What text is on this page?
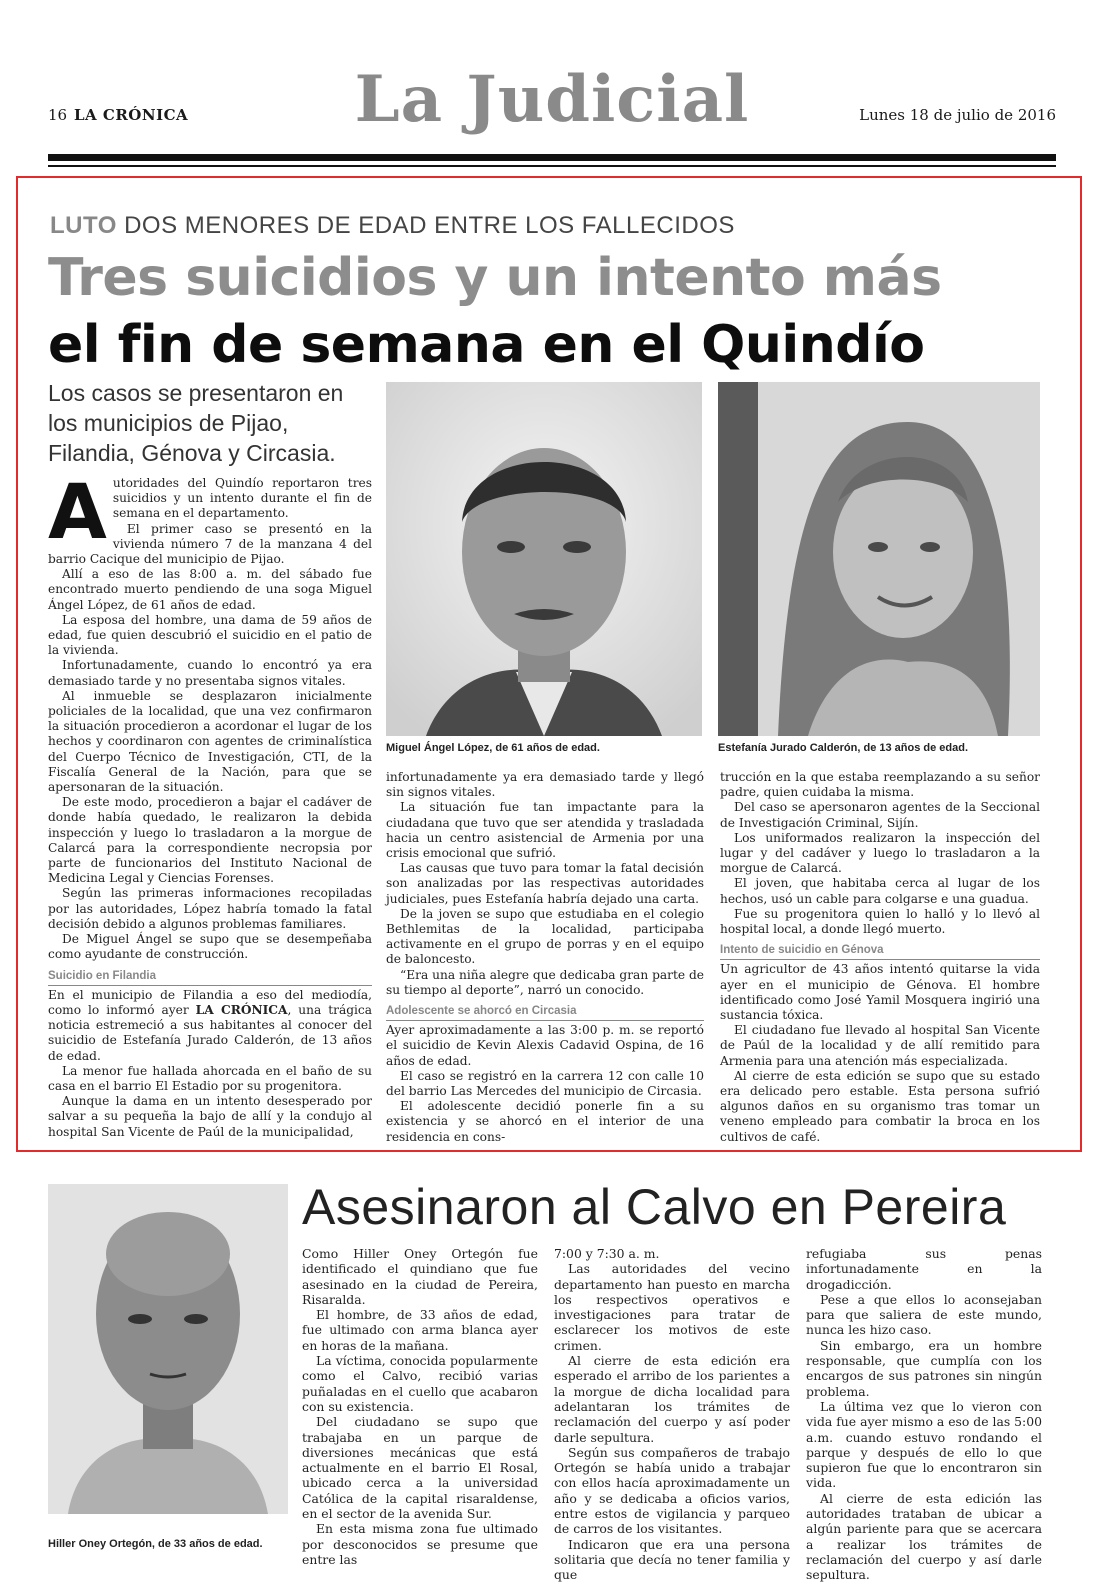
16 LA CRÓNICA	La Judicial	Lunes 18 de julio de 2016
LUTO DOS MENORES DE EDAD ENTRE LOS FALLECIDOS
Tres suicidios y un intento más
el fin de semana en el Quindío
Los casos se presentaron en los municipios de Pijao, Filandia, Génova y Circasia.
Miguel Ángel López, de 61 años de edad.	Estefanía Jurado Calderón, de 13 años de edad.
A utoridades del Quindío reportaron tres suicidios y un intento durante el fin de semana en el departamento.

El primer caso se presentó en la vivienda número 7 de la manzana 4 del barrio Cacique del municipio de Pijao.

Allí a eso de las 8:00 a. m. del sábado fue encontrado muerto pendiendo de una soga Miguel Ángel López, de 61 años de edad.

La esposa del hombre, una dama de 59 años de edad, fue quien descubrió el suicidio en el patio de la vivienda.

Infortunadamente, cuando lo encontró ya era demasiado tarde y no presentaba signos vitales.

Al inmueble se desplazaron inicialmente policiales de la localidad, que una vez confirmaron la situación procedieron a acordonar el lugar de los hechos y coordinaron con agentes de criminalística del Cuerpo Técnico de Investigación, CTI, de la Fiscalía General de la Nación, para que se apersonaran de la situación.

De este modo, procedieron a bajar el cadáver de donde había quedado, le realizaron la debida inspección y luego lo trasladaron a la morgue de Calarcá para la correspondiente necropsia por parte de funcionarios del Instituto Nacional de Medicina Legal y Ciencias Forenses.

Según las primeras informaciones recopiladas por las autoridades, López habría tomado la fatal decisión debido a algunos problemas familiares.

De Miguel Ángel se supo que se desempeñaba como ayudante de construcción.

Suicidio en Filandia

En el municipio de Filandia a eso del mediodía, como lo informó ayer LA CRÓNICA, una trágica noticia estremeció a sus habitantes al conocer del suicidio de Estefanía Jurado Calderón, de 13 años de edad.

La menor fue hallada ahorcada en el baño de su casa en el barrio El Estadio por su progenitora.

Aunque la dama en un intento desesperado por salvar a su pequeña la bajo de allí y la condujo al hospital San Vicente de Paúl de la municipalidad,

infortunadamente ya era demasiado tarde y llegó sin signos vitales.

La situación fue tan impactante para la ciudadana que tuvo que ser atendida y trasladada hacia un centro asistencial de Armenia por una crisis emocional que sufrió.

Las causas que tuvo para tomar la fatal decisión son analizadas por las respectivas autoridades judiciales, pues Estefanía habría dejado una carta.

De la joven se supo que estudiaba en el colegio Bethlemitas de la localidad, participaba activamente en el grupo de porras y en el equipo de baloncesto.

“Era una niña alegre que dedicaba gran parte de su tiempo al deporte”, narró un conocido.

Adolescente se ahorcó en Circasia

Ayer aproximadamente a las 3:00 p. m. se reportó el suicidio de Kevin Alexis Cadavid Ospina, de 16 años de edad.

El caso se registró en la carrera 12 con calle 10 del barrio Las Mercedes del municipio de Circasia.

El adolescente decidió ponerle fin a su existencia y se ahorcó en el interior de una residencia en cons-

trucción en la que estaba reemplazando a su señor padre, quien cuidaba la misma.

Del caso se apersonaron agentes de la Seccional de Investigación Criminal, Sijín.

Los uniformados realizaron la inspección del lugar y del cadáver y luego lo trasladaron a la morgue de Calarcá.

El joven, que habitaba cerca al lugar de los hechos, usó un cable para colgarse e una guadua.

Fue su progenitora quien lo halló y lo llevó al hospital local, a donde llegó muerto.

Intento de suicidio en Génova

Un agricultor de 43 años intentó quitarse la vida ayer en el municipio de Génova. El hombre identificado como José Yamil Mosquera ingirió una sustancia tóxica.

El ciudadano fue llevado al hospital San Vicente de Paúl de la localidad y de allí remitido para Armenia para una atención más especializada.

Al cierre de esta edición se supo que su estado era delicado pero estable. Esta persona sufrió algunos daños en su organismo tras tomar un veneno empleado para combatir la broca en los cultivos de café.

Hiller Oney Ortegón, de 33 años de edad.
Asesinaron al Calvo en Pereira

Como Hiller Oney Ortegón fue identificado el quindiano que fue asesinado en la ciudad de Pereira, Risaralda.

El hombre, de 33 años de edad, fue ultimado con arma blanca ayer en horas de la mañana.

La víctima, conocida popularmente como el Calvo, recibió varias puñaladas en el cuello que acabaron con su existencia.

Del ciudadano se supo que trabajaba en un parque de diversiones mecánicas que está actualmente en el barrio El Rosal, ubicado cerca a la universidad Católica de la capital risaraldense, en el sector de la avenida Sur.

En esta misma zona fue ultimado por desconocidos se presume que entre las

7:00 y 7:30 a. m.

Las autoridades del vecino departamento han puesto en marcha los respectivos operativos e investigaciones para tratar de esclarecer los motivos de este crimen.

Al cierre de esta edición era esperado el arribo de los parientes a la morgue de dicha localidad para adelantaran los trámites de reclamación del cuerpo y así poder darle sepultura.

Según sus compañeros de trabajo Ortegón se había unido a trabajar con ellos hacía aproximadamente un año y se dedicaba a oficios varios, entre estos de vigilancia y parqueo de carros de los visitantes.

Indicaron que era una persona solitaria que decía no tener familia y que

refugiaba sus penas infortunadamente en la drogadicción.

Pese a que ellos lo aconsejaban para que saliera de este mundo, nunca les hizo caso.

Sin embargo, era un hombre responsable, que cumplía con los encargos de sus patrones sin ningún problema.

La última vez que lo vieron con vida fue ayer mismo a eso de las 5:00 a.m. cuando estuvo rondando el parque y después de ello lo que supieron fue que lo encontraron sin vida.

Al cierre de esta edición las autoridades trataban de ubicar a algún pariente para que se acercara a realizar los trámites de reclamación del cuerpo y así darle sepultura.
